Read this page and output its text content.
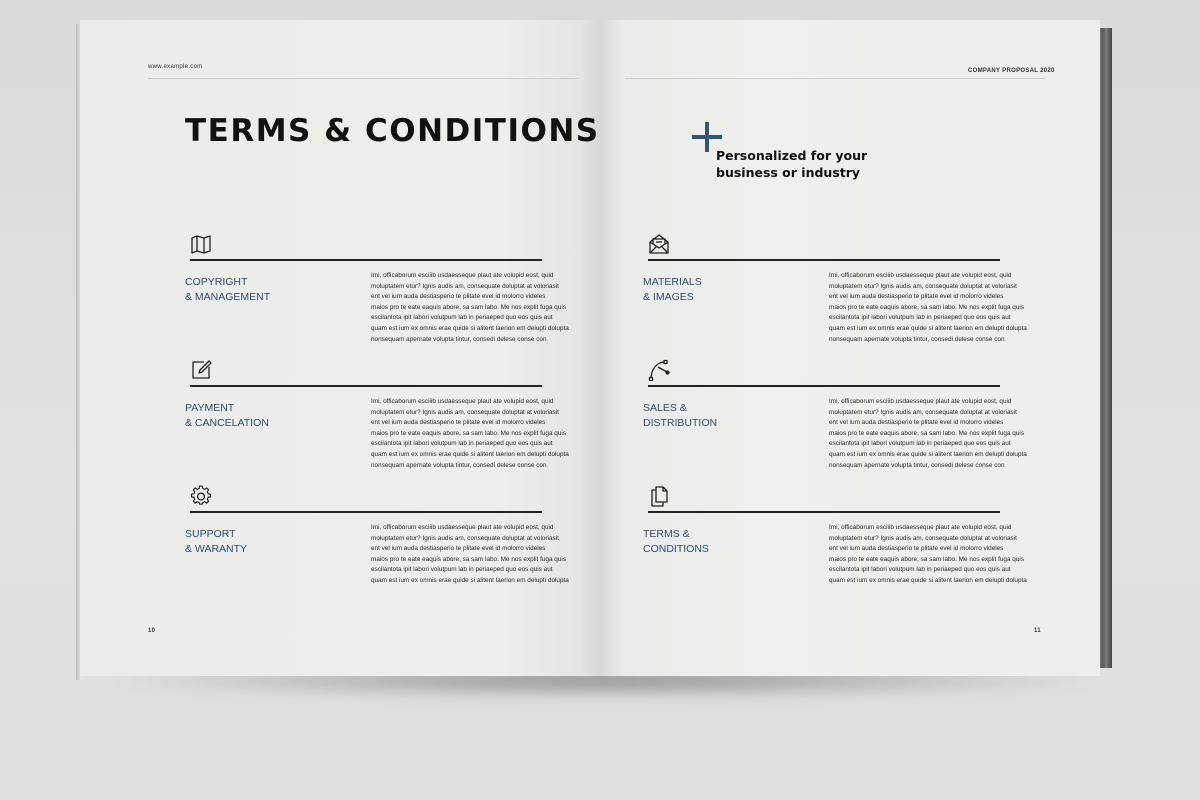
www.example.com
COMPANY PROPOSAL 2020
TERMS & CONDITIONS
Personalized for your
business or industry
COPYRIGHT
& MANAGEMENT
Imi, officaborum esciiib usdaesseque plaut ate volupid eost, quid
moluptatem etur? Ignis audis am, consequate doluptat at voloriasit
ent vel ium auda destiasperio te plitate evel id molorro videles
maios pro te eate eaquis abore, sa sam labo. Me nos explit fuga quis
escilantota ipit labori volutpum lab in periaeped quo eos quis aut
quam est ium ex omnis erae quide si alitent laerion em delupti dolupta
nonsequam apernate volupta tintur, consedi delese conse con
PAYMENT
& CANCELATION
Imi, officaborum esciiib usdaesseque plaut ate volupid eost, quid
moluptatem etur? Ignis audis am, consequate doluptat at voloriasit
ent vel ium auda destiasperio te plitate evel id molorro videles
maios pro te eate eaquis abore, sa sam labo. Me nos explit fuga quis
escilantota ipit labori volutpum lab in periaeped quo eos quis aut
quam est ium ex omnis erae quide si alitent laerion em delupti dolupta
nonsequam apernate volupta tintur, consedi delese conse con
SUPPORT
& WARANTY
Imi, officaborum esciiib usdaesseque plaut ate volupid eost, quid
moluptatem etur? Ignis audis am, consequate doluptat at voloriasit
ent vel ium auda destiasperio te plitate evel id molorro videles
maios pro te eate eaquis abore, sa sam labo. Me nos explit fuga quis
escilantota ipit labori volutpum lab in periaeped quo eos quis aut
quam est ium ex omnis erae quide si alitent laerion em delupti dolupta
MATERIALS
& IMAGES
Imi, officaborum esciiib usdaesseque plaut ate volupid eost, quid
moluptatem etur? Ignis audis am, consequate doluptat at voloriasit
ent vel ium auda destiasperio te plitate evel id molorro videles
maios pro te eate eaquis abore, sa sam labo. Me nos explit fuga quis
escilantota ipit labori volutpum lab in periaeped quo eos quis aut
quam est ium ex omnis erae quide si alitent laerion em delupti dolupta
nonsequam apernate volupta tintur, consedi delese conse con
SALES &
DISTRIBUTION
Imi, officaborum esciiib usdaesseque plaut ate volupid eost, quid
moluptatem etur? Ignis audis am, consequate doluptat at voloriasit
ent vel ium auda destiasperio te plitate evel id molorro videles
maios pro te eate eaquis abore, sa sam labo. Me nos explit fuga quis
escilantota ipit labori volutpum lab in periaeped quo eos quis aut
quam est ium ex omnis erae quide si alitent laerion em delupti dolupta
nonsequam apernate volupta tintur, consedi delese conse con
TERMS &
CONDITIONS
Imi, officaborum esciiib usdaesseque plaut ate volupid eost, quid
moluptatem etur? Ignis audis am, consequate doluptat at voloriasit
ent vel ium auda destiasperio te plitate evel id molorro videles
maios pro te eate eaquis abore, sa sam labo. Me nos explit fuga quis
escilantota ipit labori volutpum lab in periaeped quo eos quis aut
quam est ium ex omnis erae quide si alitent laerion em delupti dolupta
10	11
